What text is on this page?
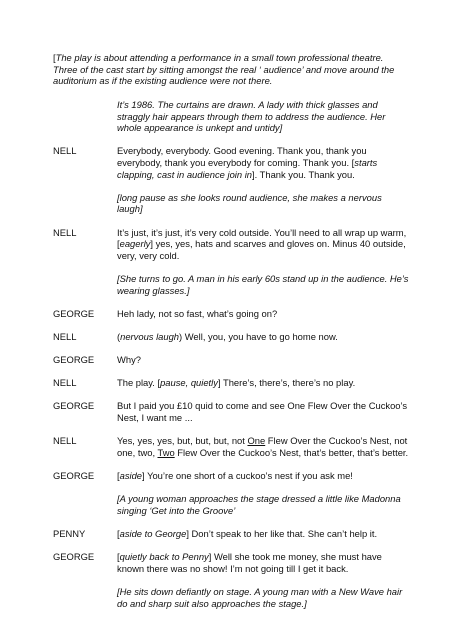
[The play is about attending a performance in a small town professional theatre. Three of the cast start by sitting amongst the real ‘ audience’ and move around the auditorium as if the existing audience were not there.
It’s 1986. The curtains are drawn. A lady with thick glasses and straggly hair appears through them to address the audience. Her whole appearance is unkept and untidy]
NELL	Everybody, everybody. Good evening. Thank you, thank you everybody, thank you everybody for coming. Thank you. [starts clapping, cast in audience join in]. Thank you. Thank you.
[long pause as she looks round audience, she makes a nervous laugh]
NELL	It’s just, it’s just, it’s very cold outside. You’ll need to all wrap up warm, [eagerly] yes, yes, hats and scarves and gloves on. Minus 40 outside, very, very cold.
[She turns to go. A man in his early 60s stand up in the audience. He’s wearing glasses.]
GEORGE	Heh lady, not so fast, what’s going on?
NELL	(nervous laugh) Well, you, you have to go home now.
GEORGE	Why?
NELL	The play. [pause, quietly] There’s, there’s, there’s no play.
GEORGE	But I paid you £10 quid to come and see One Flew Over the Cuckoo’s Nest, I want me ...
NELL	Yes, yes, yes, but, but, but, not One Flew Over the Cuckoo’s Nest, not one, two, Two Flew Over the Cuckoo’s Nest, that’s better, that’s better.
GEORGE	[aside] You’re one short of a cuckoo’s nest if you ask me!
[A young woman approaches the stage dressed a little like Madonna singing ‘Get into the Groove’
PENNY	[aside to George] Don’t speak to her like that. She can’t help it.
GEORGE	[quietly back to Penny] Well she took me money, she must have known there was no show! I’m not going till I get it back.
[He sits down defiantly on stage. A young man with a New Wave hair do and sharp suit also approaches the stage.]
